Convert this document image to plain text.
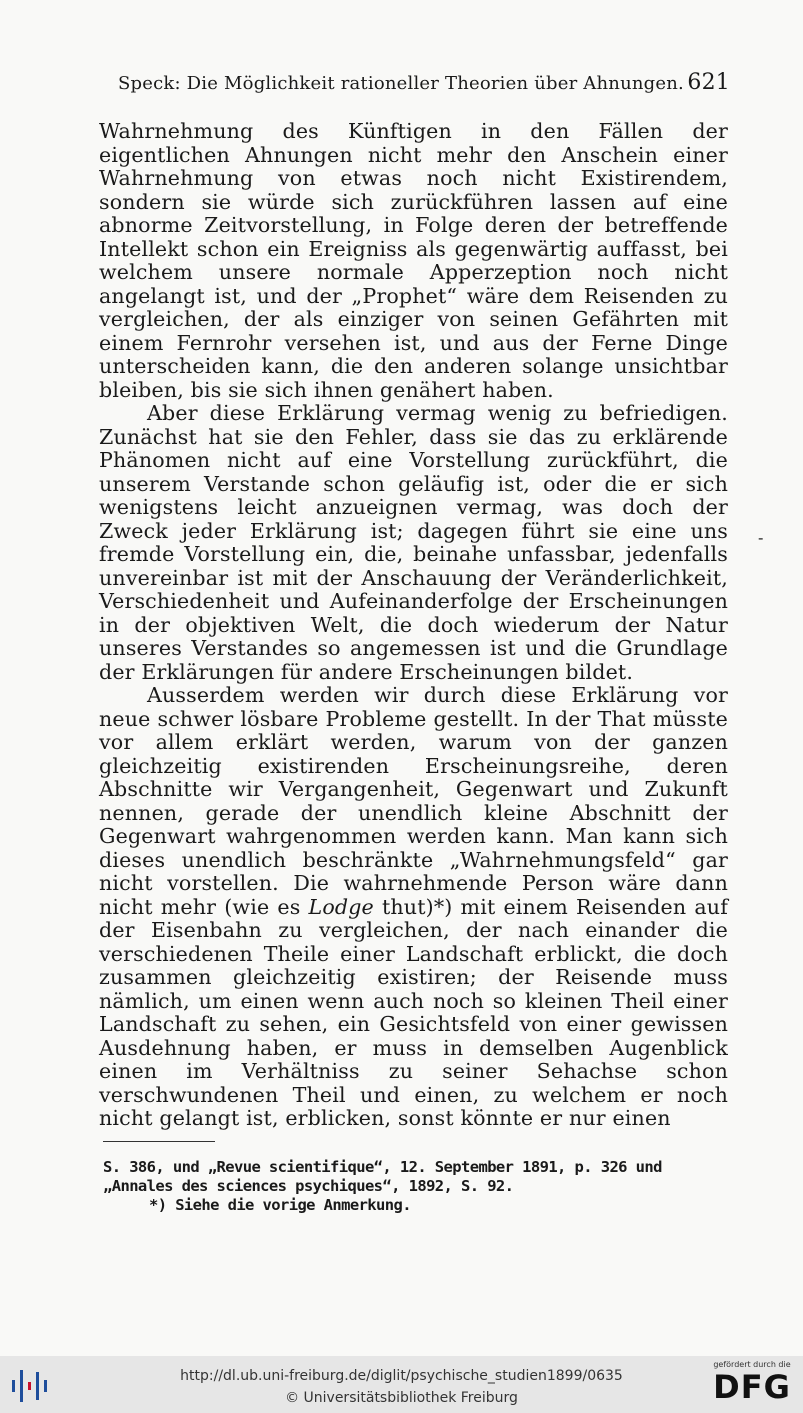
Speck: Die Möglichkeit rationeller Theorien über Ahnungen. 621

Wahrnehmung des Künftigen in den Fällen der eigentlichen Ahnungen nicht mehr den Anschein einer Wahrnehmung von etwas noch nicht Existirendem, sondern sie würde sich zurückführen lassen auf eine abnorme Zeitvorstellung, in Folge deren der betreffende Intellekt schon ein Ereigniss als gegenwärtig auffasst, bei welchem unsere normale Apperzeption noch nicht angelangt ist, und der „Prophet“ wäre dem Reisenden zu vergleichen, der als einziger von seinen Gefährten mit einem Fernrohr versehen ist, und aus der Ferne Dinge unterscheiden kann, die den anderen solange unsichtbar bleiben, bis sie sich ihnen genähert haben.

Aber diese Erklärung vermag wenig zu befriedigen. Zunächst hat sie den Fehler, dass sie das zu erklärende Phänomen nicht auf eine Vorstellung zurückführt, die unserem Verstande schon geläufig ist, oder die er sich wenigstens leicht anzueignen vermag, was doch der Zweck jeder Erklärung ist; dagegen führt sie eine uns fremde Vorstellung ein, die, beinahe unfassbar, jedenfalls unvereinbar ist mit der Anschauung der Veränderlichkeit, Verschiedenheit und Aufeinanderfolge der Erscheinungen in der objektiven Welt, die doch wiederum der Natur unseres Verstandes so angemessen ist und die Grundlage der Erklärungen für andere Erscheinungen bildet.

Ausserdem werden wir durch diese Erklärung vor neue schwer lösbare Probleme gestellt. In der That müsste vor allem erklärt werden, warum von der ganzen gleichzeitig existirenden Erscheinungsreihe, deren Abschnitte wir Vergangenheit, Gegenwart und Zukunft nennen, gerade der unendlich kleine Abschnitt der Gegenwart wahrgenommen werden kann. Man kann sich dieses unendlich beschränkte „Wahrnehmungsfeld“ gar nicht vorstellen. Die wahrnehmende Person wäre dann nicht mehr (wie es Lodge thut)*) mit einem Reisenden auf der Eisenbahn zu vergleichen, der nach einander die verschiedenen Theile einer Landschaft erblickt, die doch zusammen gleichzeitig existiren; der Reisende muss nämlich, um einen wenn auch noch so kleinen Theil einer Landschaft zu sehen, ein Gesichtsfeld von einer gewissen Ausdehnung haben, er muss in demselben Augenblick einen im Verhältniss zu seiner Sehachse schon verschwundenen Theil und einen, zu welchem er noch nicht gelangt ist, erblicken, sonst könnte er nur einen

-

S. 386, und „Revue scientifique“, 12. September 1891, p. 326 und „Annales des sciences psychiques“, 1892, S. 92.

*) Siehe die vorige Anmerkung.

http://dl.ub.uni-freiburg.de/diglit/psychische_studien1899/0635
© Universitätsbibliothek Freiburg
gefördert durch die
DFG
